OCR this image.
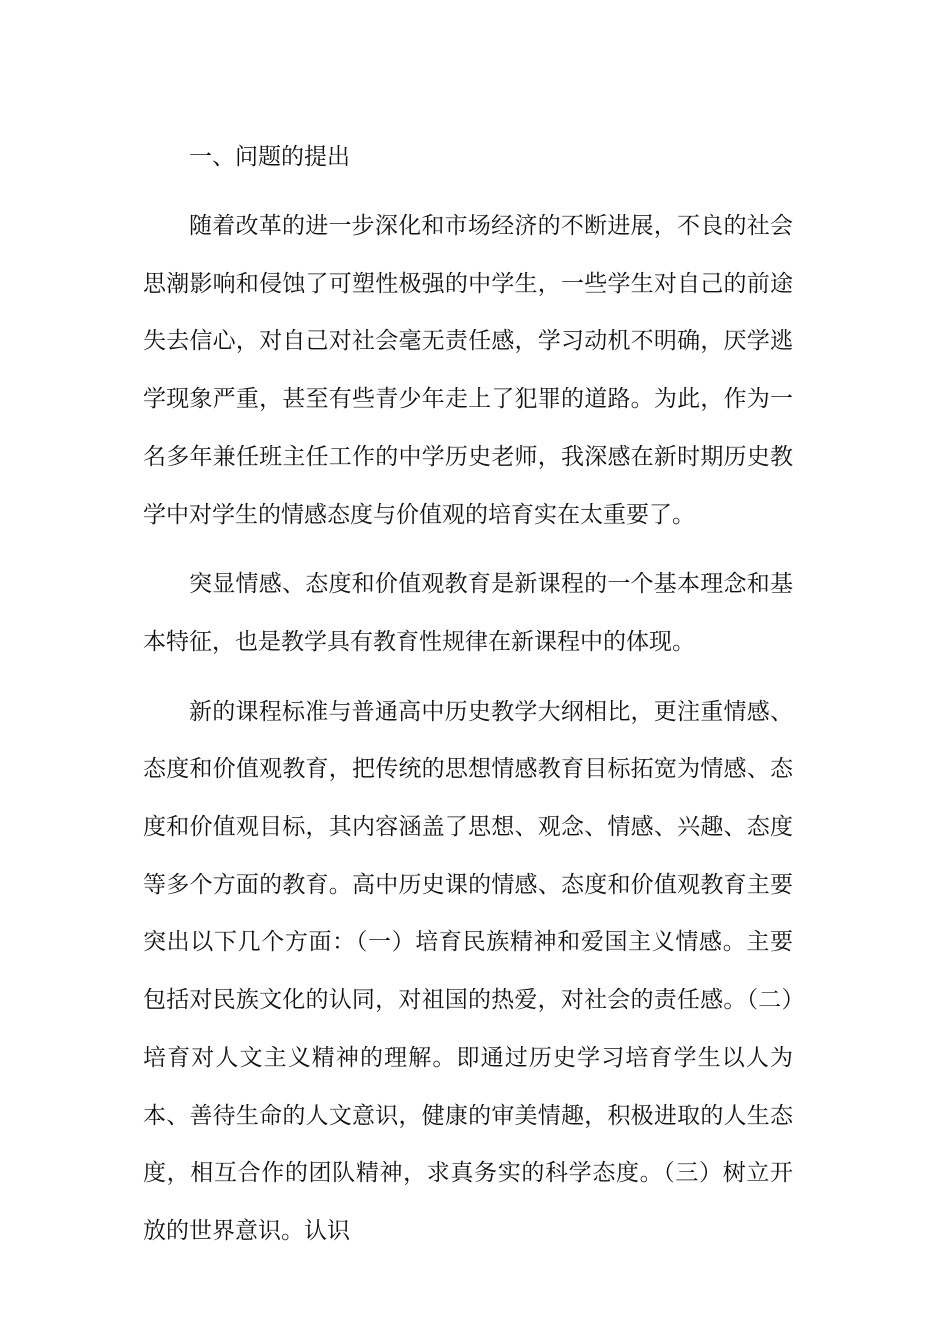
一、问题的提出

随着改革的进一步深化和市场经济的不断进展，不良的社会思潮影响和侵蚀了可塑性极强的中学生，一些学生对自己的前途失去信心，对自己对社会毫无责任感，学习动机不明确，厌学逃学现象严重，甚至有些青少年走上了犯罪的道路。为此，作为一名多年兼任班主任工作的中学历史老师，我深感在新时期历史教学中对学生的情感态度与价值观的培育实在太重要了。

突显情感、态度和价值观教育是新课程的一个基本理念和基本特征，也是教学具有教育性规律在新课程中的体现。

新的课程标准与普通高中历史教学大纲相比，更注重情感、态度和价值观教育，把传统的思想情感教育目标拓宽为情感、态度和价值观目标，其内容涵盖了思想、观念、情感、兴趣、态度等多个方面的教育。高中历史课的情感、态度和价值观教育主要突出以下几个方面：（一）培育民族精神和爱国主义情感。主要包括对民族文化的认同，对祖国的热爱，对社会的责任感。（二）培育对人文主义精神的理解。即通过历史学习培育学生以人为本、善待生命的人文意识，健康的审美情趣，积极进取的人生态度，相互合作的团队精神，求真务实的科学态度。（三）树立开放的世界意识。认识
